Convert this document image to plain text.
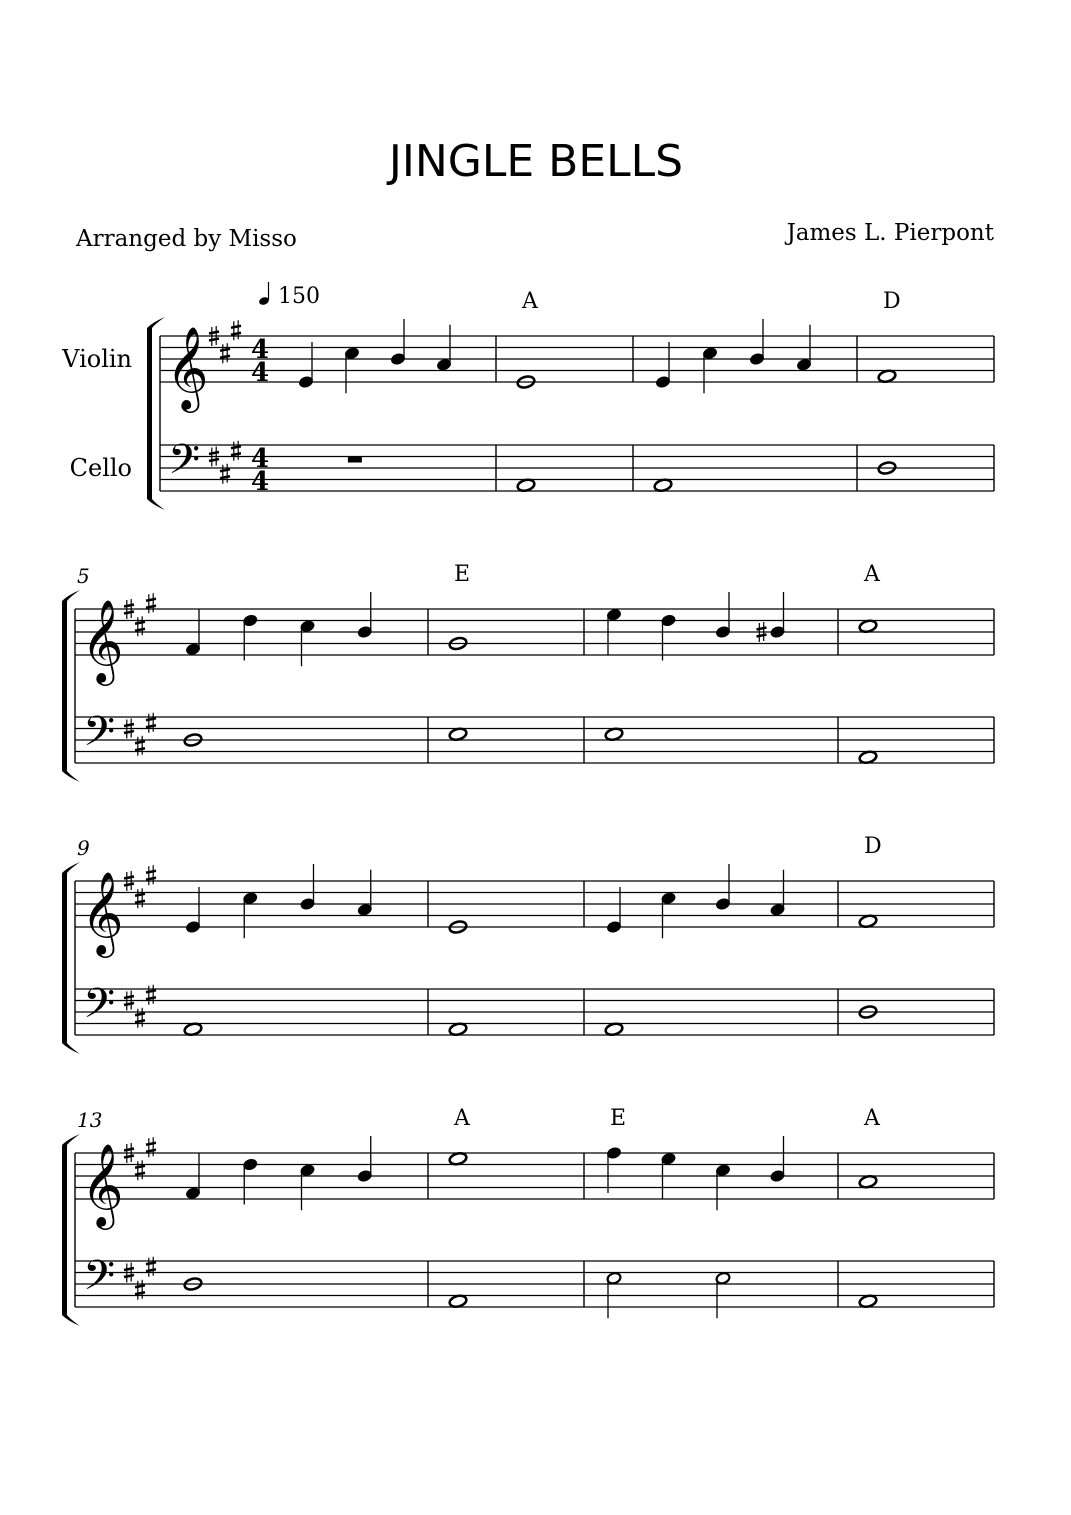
JINGLE BELLS
Arranged by Misso	James L. Pierpont
𝄞
𝄢
Violin
Cello
4
4
4
4
150	A	D
𝄞
𝄢
5	E	A
𝄞
𝄢
9	D
𝄞
𝄢
13	A	E	A
